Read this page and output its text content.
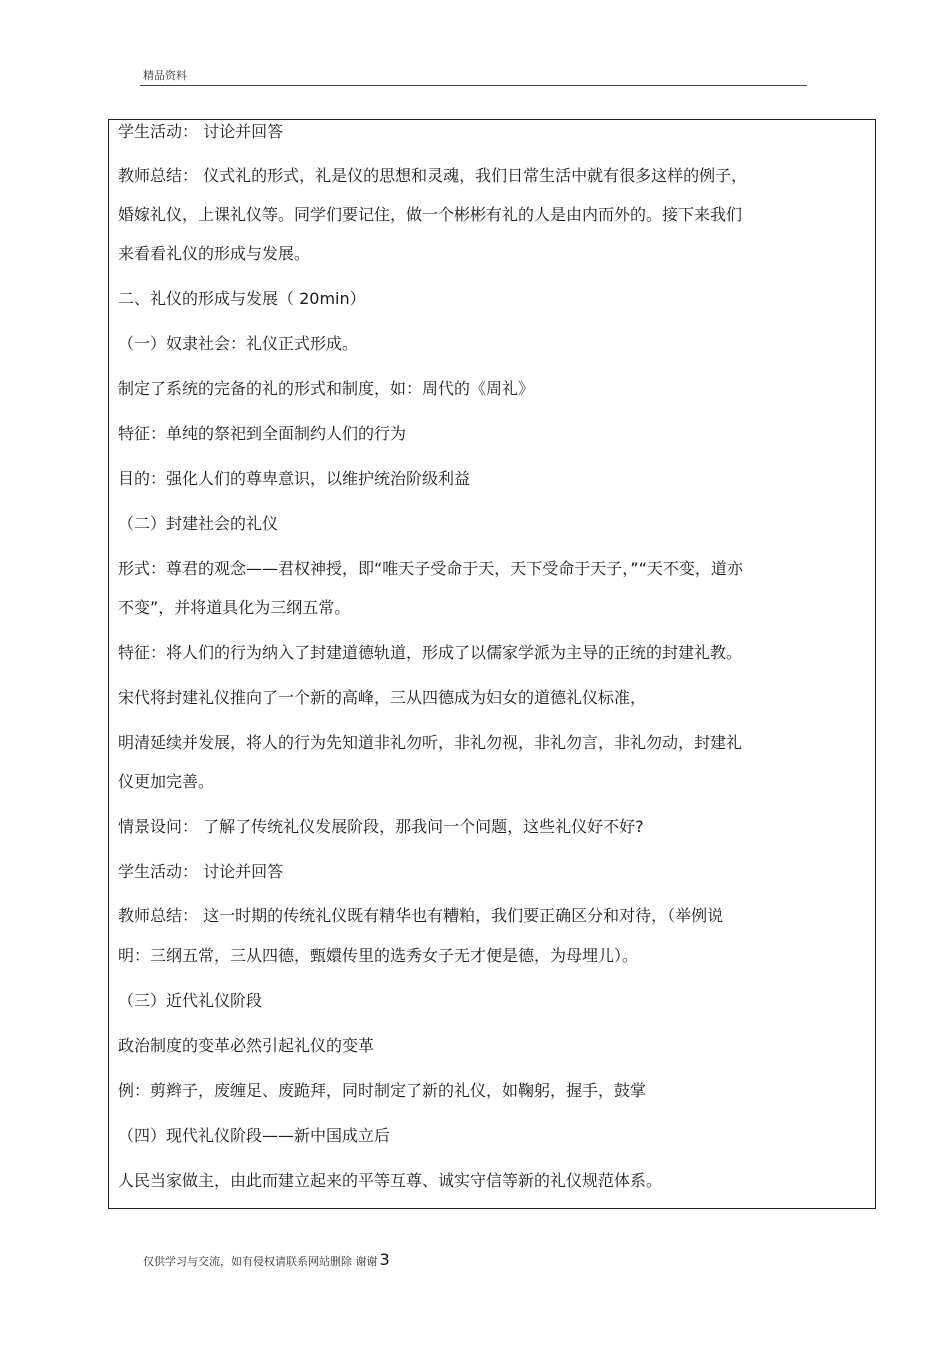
精品资料
学生活动： 讨论并回答
教师总结： 仪式礼的形式，礼是仪的思想和灵魂，我们日常生活中就有很多这样的例子，
婚嫁礼仪，上课礼仪等。同学们要记住，做一个彬彬有礼的人是由内而外的。接下来我们
来看看礼仪的形成与发展。
二、礼仪的形成与发展（ 20min）
（一）奴隶社会：礼仪正式形成。
制定了系统的完备的礼的形式和制度，如：周代的《周礼》
特征：单纯的祭祀到全面制约人们的行为
目的：强化人们的尊卑意识，以维护统治阶级利益
（二）封建社会的礼仪
形式：尊君的观念——君权神授，即“唯天子受命于天，天下受命于天子，”“天不变，道亦
不变”，并将道具化为三纲五常。
特征：将人们的行为纳入了封建道德轨道，形成了以儒家学派为主导的正统的封建礼教。
宋代将封建礼仪推向了一个新的高峰，三从四德成为妇女的道德礼仪标准，
明清延续并发展，将人的行为先知道非礼勿听，非礼勿视，非礼勿言，非礼勿动，封建礼
仪更加完善。
情景设问： 了解了传统礼仪发展阶段，那我问一个问题，这些礼仪好不好?
学生活动： 讨论并回答
教师总结： 这一时期的传统礼仪既有精华也有糟粕，我们要正确区分和对待，（举例说
明：三纲五常，三从四德，甄嬛传里的选秀女子无才便是德，为母埋儿）。
（三）近代礼仪阶段
政治制度的变革必然引起礼仪的变革
例：剪辫子，废缠足、废跪拜，同时制定了新的礼仪，如鞠躬，握手，鼓掌
（四）现代礼仪阶段——新中国成立后
人民当家做主，由此而建立起来的平等互尊、诚实守信等新的礼仪规范体系。
仅供学习与交流，如有侵权请联系网站删除 谢谢 3
